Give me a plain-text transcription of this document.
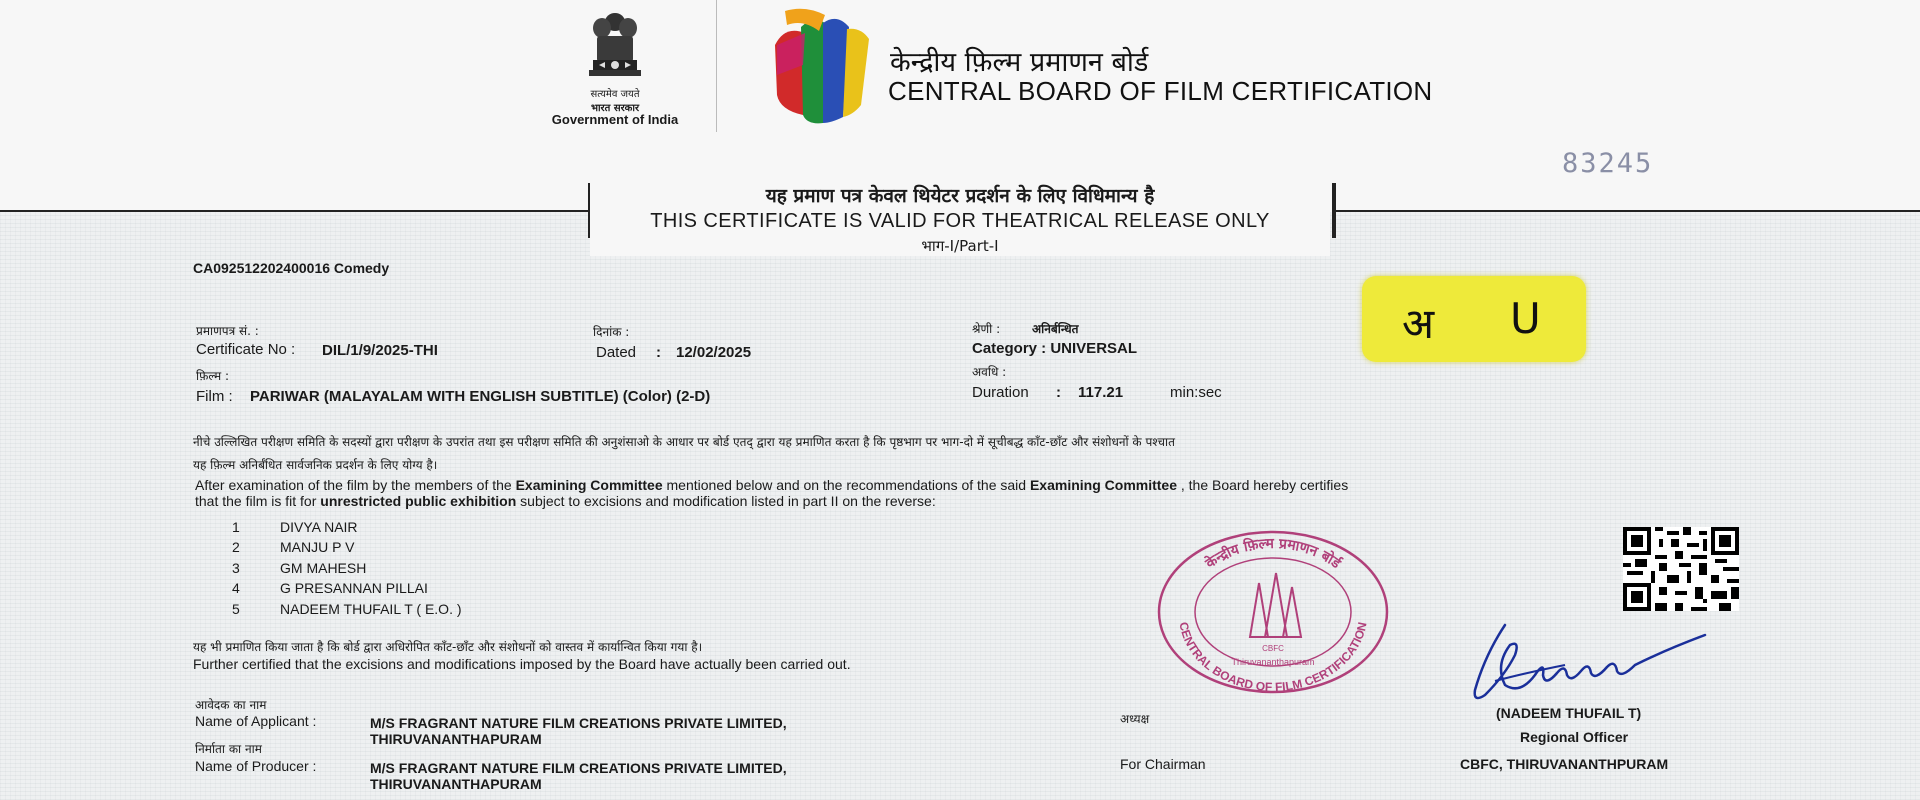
सत्यमेव जयते
भारत सरकार
Government of India
केन्द्रीय फ़िल्म प्रमाणन बोर्ड
CENTRAL BOARD OF FILM CERTIFICATION
83245
यह प्रमाण पत्र केवल थियेटर प्रदर्शन के लिए विधिमान्य है
THIS CERTIFICATE IS VALID FOR THEATRICAL RELEASE ONLY
भाग-I/Part-I
CA092512202400016 Comedy
प्रमाणपत्र सं. :
Certificate No : DIL/1/9/2025-THI
दिनांक :
Dated : 12/02/2025
श्रेणी :	अनिर्बन्धित
Category : UNIVERSAL
फ़िल्म :
Film : PARIWAR (MALAYALAM WITH ENGLISH SUBTITLE) (Color) (2-D)
अवधि :
Duration : 117.21	min:sec
अ U
नीचे उल्लिखित परीक्षण समिति के सदस्यों द्वारा परीक्षण के उपरांत तथा इस परीक्षण समिति की अनुशंसाओ के आधार पर बोर्ड एतद् द्वारा यह प्रमाणित करता है कि पृष्ठभाग पर भाग-दो में सूचीबद्ध काँट-छाँट और संशोधनों के पश्चात
यह फ़िल्म अनिर्बंधित सार्वजनिक प्रदर्शन के लिए योग्य है।
After examination of the film by the members of the Examining Committee mentioned below and on the recommendations of the said Examining Committee , the Board hereby certifies
that the film is fit for unrestricted public exhibition subject to excisions and modification listed in part II on the reverse:
1	DIVYA NAIR
2	MANJU P V
3	GM MAHESH
4	G PRESANNAN PILLAI
5	NADEEM THUFAIL T ( E.O. )
यह भी प्रमाणित किया जाता है कि बोर्ड द्वारा अधिरोपित काँट-छाँट और संशोधनों को वास्तव में कार्यान्वित किया गया है।
Further certified that the excisions and modifications imposed by the Board have actually been carried out.
आवेदक का नाम
Name of Applicant :	M/S FRAGRANT NATURE FILM CREATIONS PRIVATE LIMITED,
THIRUVANANTHAPURAM
निर्माता का नाम
Name of Producer :	M/S FRAGRANT NATURE FILM CREATIONS PRIVATE LIMITED,
THIRUVANANTHAPURAM
अध्यक्ष
For Chairman
केन्द्रीय फ़िल्म प्रमाणन बोर्ड
CENTRAL BOARD OF FILM CERTIFICATION
CBFC
Thiruvananthapuram
(NADEEM THUFAIL T)
Regional Officer
CBFC, THIRUVANANTHPURAM
